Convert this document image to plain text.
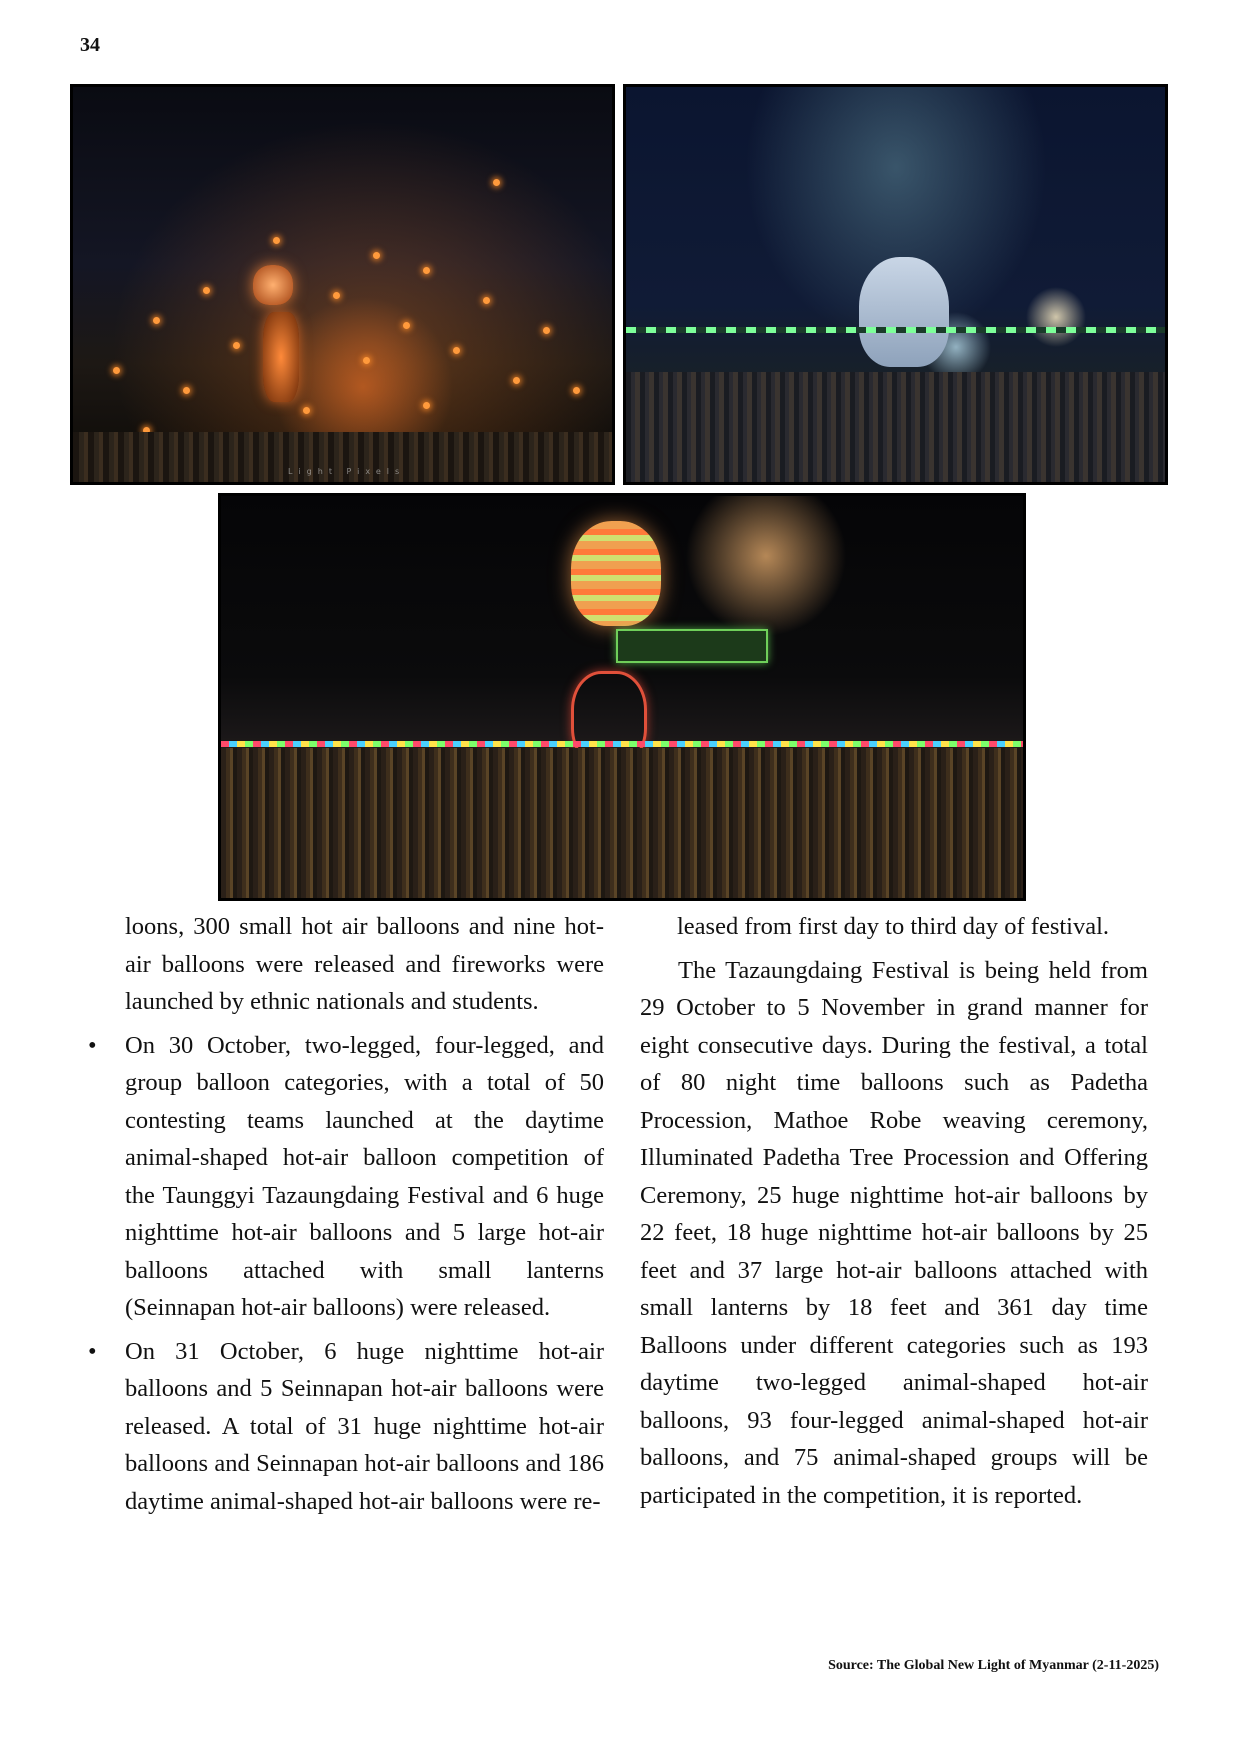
34
Light Pixels

loons, 300 small hot air balloons and nine hot-air balloons were released and fireworks were launched by ethnic nationals and students.

• On 30 October, two-legged, four-legged, and group balloon categories, with a total of 50 contesting teams launched at the daytime animal-shaped hot-air balloon competition of the Taunggyi Tazaungdaing Festival and 6 huge nighttime hot-air balloons and 5 large hot-air balloons attached with small lanterns (Seinnapan hot-air balloons) were released.

• On 31 October, 6 huge nighttime hot-air balloons and 5 Seinnapan hot-air balloons were released. A total of 31 huge nighttime hot-air balloons and Seinnapan hot-air balloons and 186 daytime animal-shaped hot-air balloons were re-

leased from first day to third day of festival.

The Tazaungdaing Festival is being held from 29 October to 5 November in grand manner for eight consecutive days. During the festival, a total of 80 night time balloons such as Padetha Procession, Mathoe Robe weaving ceremony, Illuminated Padetha Tree Procession and Offering Ceremony, 25 huge nighttime hot-air balloons by 22 feet, 18 huge nighttime hot-air balloons by 25 feet and 37 large hot-air balloons attached with small lanterns by 18 feet and 361 day time Balloons under different categories such as 193 daytime two-legged animal-shaped hot-air balloons, 93 four-legged animal-shaped hot-air balloons, and 75 animal-shaped groups will be participated in the competition, it is reported.

Source: The Global New Light of Myanmar (2-11-2025)
